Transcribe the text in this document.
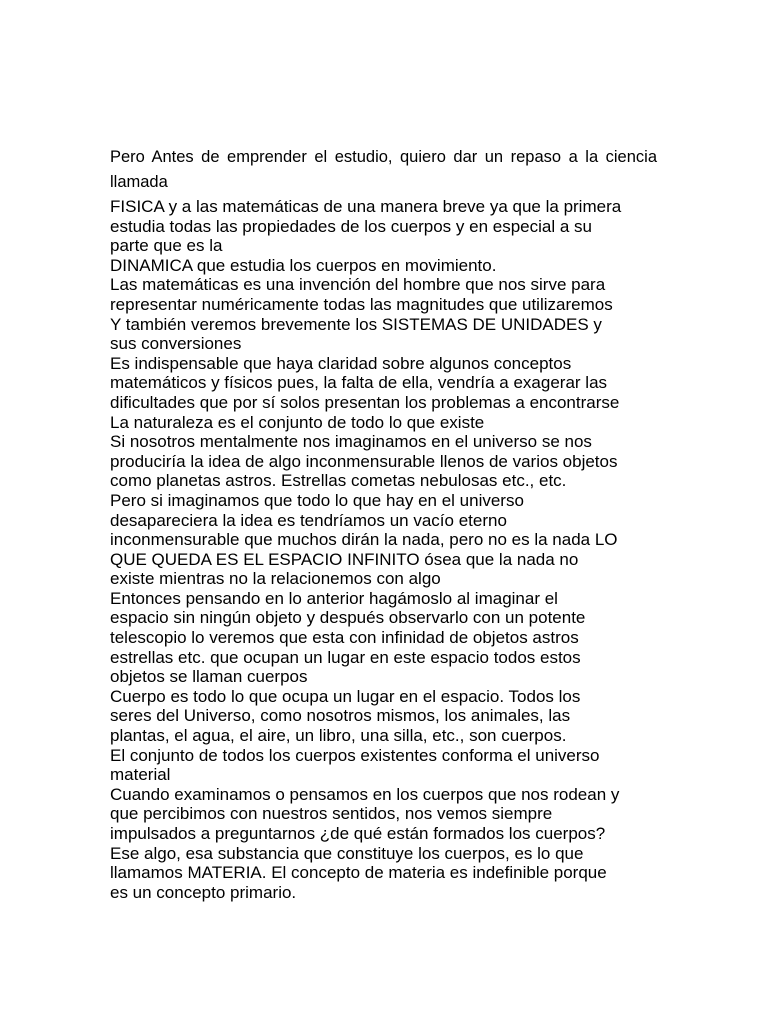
Pero Antes de emprender el estudio, quiero dar un repaso a la ciencia llamada

FISICA y a las matemáticas de una manera breve ya que la primera
estudia todas las propiedades de los cuerpos y en especial a su
parte que es la
DINAMICA que estudia los cuerpos en movimiento.

Las matemáticas es una invención del hombre que nos sirve para
representar numéricamente todas las magnitudes que utilizaremos
Y también veremos brevemente los SISTEMAS DE UNIDADES y
sus conversiones

Es indispensable que haya claridad sobre algunos conceptos
matemáticos y físicos pues, la falta de ella, vendría a exagerar las
dificultades que por sí solos presentan los problemas a encontrarse

La naturaleza es el conjunto de todo lo que existe

Si nosotros mentalmente nos imaginamos en el universo se nos
produciría la idea de algo inconmensurable llenos de varios objetos
como planetas astros. Estrellas cometas nebulosas etc., etc.

Pero si imaginamos que todo lo que hay en el universo
desapareciera la idea es tendríamos un vacío eterno
inconmensurable que muchos dirán la nada, pero no es la nada LO
QUE QUEDA ES EL ESPACIO INFINITO ósea que la nada no
existe mientras no la relacionemos con algo

Entonces pensando en lo anterior hagámoslo al imaginar el
espacio sin ningún objeto y después observarlo con un potente
telescopio lo veremos que esta con infinidad de objetos astros
estrellas etc. que ocupan un lugar en este espacio todos estos
objetos se llaman cuerpos

Cuerpo es todo lo que ocupa un lugar en el espacio. Todos los
seres del Universo, como nosotros mismos, los animales, las
plantas, el agua, el aire, un libro, una silla, etc., son cuerpos.

El conjunto de todos los cuerpos existentes conforma el universo
material

Cuando examinamos o pensamos en los cuerpos que nos rodean y
que percibimos con nuestros sentidos, nos vemos siempre
impulsados a preguntarnos ¿de qué están formados los cuerpos?

Ese algo, esa substancia que constituye los cuerpos, es lo que
llamamos MATERIA. El concepto de materia es indefinible porque
es un concepto primario.
